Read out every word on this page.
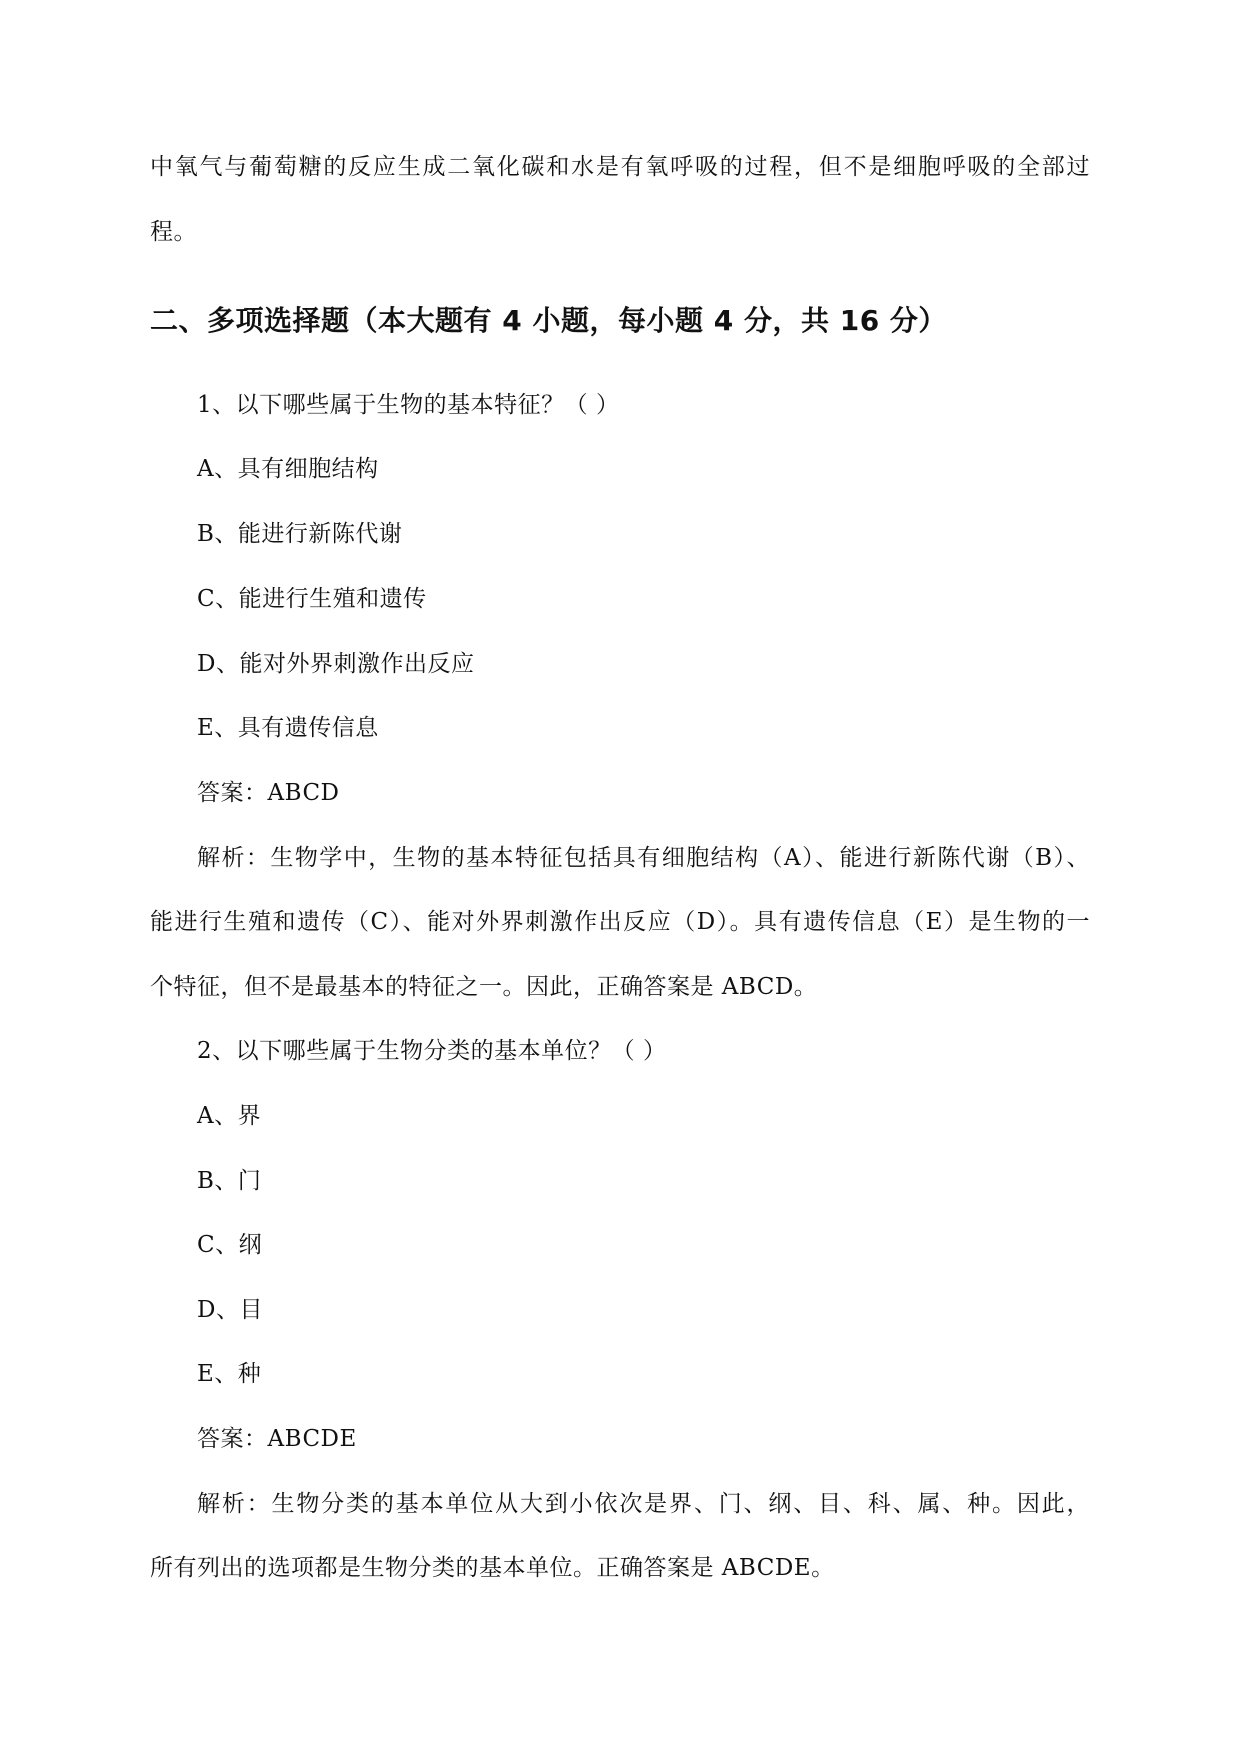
中氧气与葡萄糖的反应生成二氧化碳和水是有氧呼吸的过程，但不是细胞呼吸的全部过
程。
二、多项选择题（本大题有 4 小题，每小题 4 分，共 16 分）
1、以下哪些属于生物的基本特征？（ ）
A、具有细胞结构
B、能进行新陈代谢
C、能进行生殖和遗传
D、能对外界刺激作出反应
E、具有遗传信息
答案：ABCD
解析：生物学中，生物的基本特征包括具有细胞结构（A）、能进行新陈代谢（B）、
能进行生殖和遗传（C）、能对外界刺激作出反应（D）。具有遗传信息（E）是生物的一
个特征，但不是最基本的特征之一。因此，正确答案是 ABCD。
2、以下哪些属于生物分类的基本单位？（ ）
A、界
B、门
C、纲
D、目
E、种
答案：ABCDE
解析：生物分类的基本单位从大到小依次是界、门、纲、目、科、属、种。因此，
所有列出的选项都是生物分类的基本单位。正确答案是 ABCDE。
